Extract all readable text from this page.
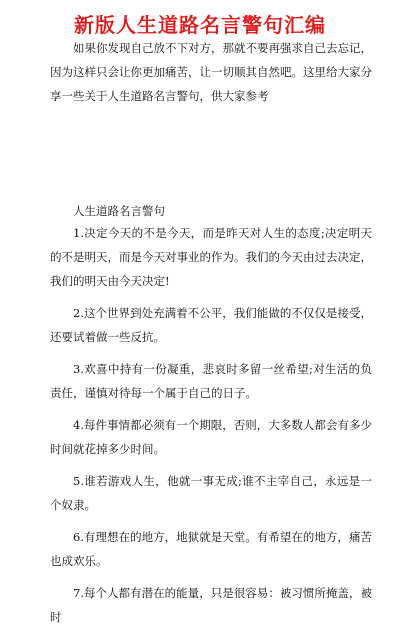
新版人生道路名言警句汇编

如果你发现自己放不下对方，那就不要再强求自己去忘记，因为这样只会让你更加痛苦，让一切顺其自然吧。这里给大家分享一些关于人生道路名言警句，供大家参考

人生道路名言警句

1.决定今天的不是今天，而是昨天对人生的态度;决定明天的不是明天，而是今天对事业的作为。我们的今天由过去决定，我们的明天由今天决定!
2.这个世界到处充满着不公平，我们能做的不仅仅是接受，还要试着做一些反抗。
3.欢喜中持有一份凝重，悲哀时多留一丝希望;对生活的负责任，谨慎对待每一个属于自己的日子。
4.每件事情都必须有一个期限，否则，大多数人都会有多少时间就花掉多少时间。
5.谁若游戏人生，他就一事无成;谁不主宰自己，永远是一个奴隶。
6.有理想在的地方，地狱就是天堂。有希望在的地方，痛苦也成欢乐。
7.每个人都有潜在的能量，只是很容易：被习惯所掩盖，被时
